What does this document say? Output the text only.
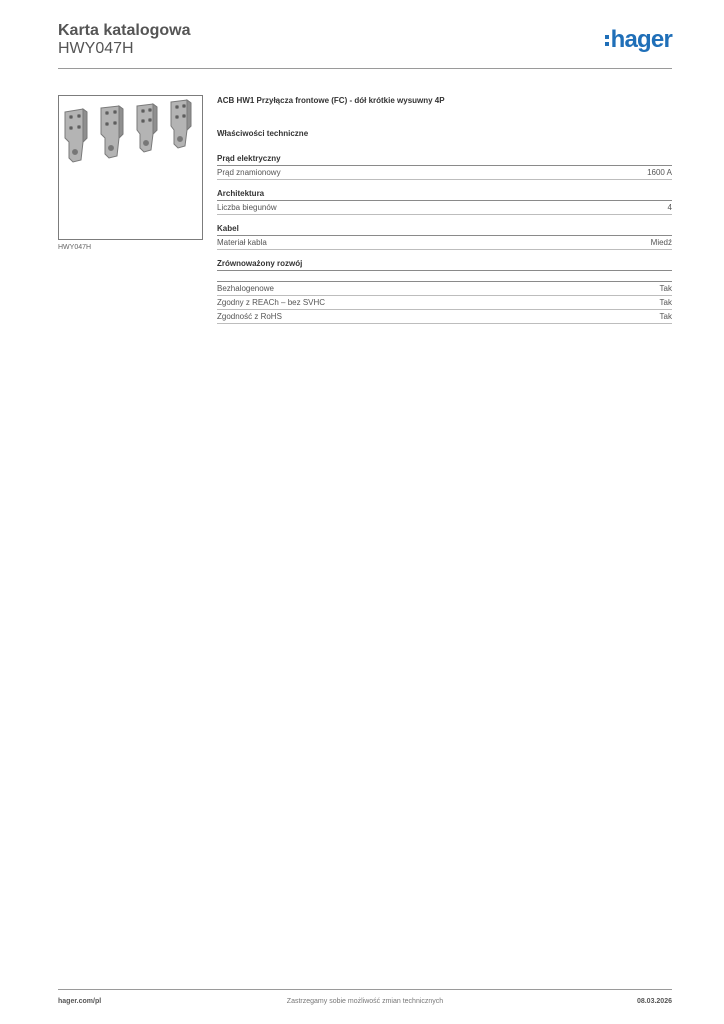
Karta katalogowa
HWY047H	hager
HWY047H
ACB HW1 Przyłącza frontowe (FC) - dół krótkie wysuwny 4P
Właściwości techniczne
Prąd elektryczny
Prąd znamionowy	1600 A
Architektura
Liczba biegunów	4
Kabel
Materiał kabla	Miedź
Zrównoważony rozwój
Bezhalogenowe	Tak
Zgodny z REACh – bez SVHC	Tak
Zgodność z RoHS	Tak
hager.com/pl	Zastrzegamy sobie możliwość zmian technicznych	08.03.2026
